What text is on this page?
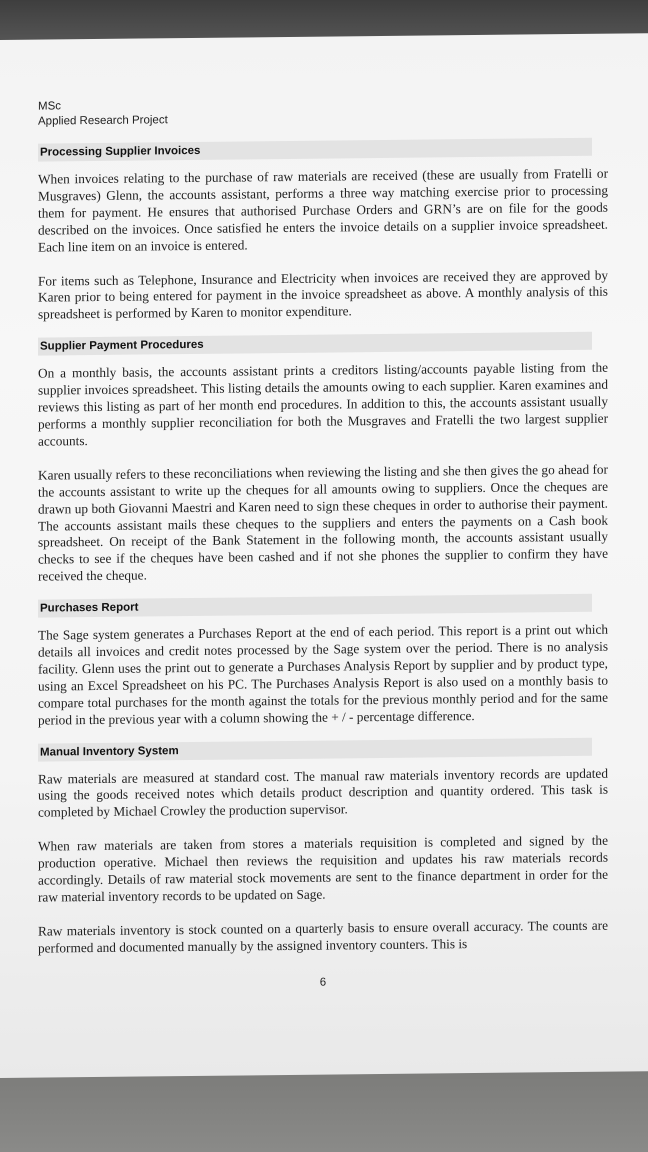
MSc
Applied Research Project
Processing Supplier Invoices

When invoices relating to the purchase of raw materials are received (these are usually from Fratelli or Musgraves) Glenn, the accounts assistant, performs a three way matching exercise prior to processing them for payment. He ensures that authorised Purchase Orders and GRN’s are on file for the goods described on the invoices. Once satisfied he enters the invoice details on a supplier invoice spreadsheet. Each line item on an invoice is entered.

For items such as Telephone, Insurance and Electricity when invoices are received they are approved by Karen prior to being entered for payment in the invoice spreadsheet as above. A monthly analysis of this spreadsheet is performed by Karen to monitor expenditure.

Supplier Payment Procedures

On a monthly basis, the accounts assistant prints a creditors listing/accounts payable listing from the supplier invoices spreadsheet. This listing details the amounts owing to each supplier. Karen examines and reviews this listing as part of her month end procedures. In addition to this, the accounts assistant usually performs a monthly supplier reconciliation for both the Musgraves and Fratelli the two largest supplier accounts.

Karen usually refers to these reconciliations when reviewing the listing and she then gives the go ahead for the accounts assistant to write up the cheques for all amounts owing to suppliers. Once the cheques are drawn up both Giovanni Maestri and Karen need to sign these cheques in order to authorise their payment. The accounts assistant mails these cheques to the suppliers and enters the payments on a Cash book spreadsheet. On receipt of the Bank Statement in the following month, the accounts assistant usually checks to see if the cheques have been cashed and if not she phones the supplier to confirm they have received the cheque.

Purchases Report

The Sage system generates a Purchases Report at the end of each period. This report is a print out which details all invoices and credit notes processed by the Sage system over the period. There is no analysis facility. Glenn uses the print out to generate a Purchases Analysis Report by supplier and by product type, using an Excel Spreadsheet on his PC. The Purchases Analysis Report is also used on a monthly basis to compare total purchases for the month against the totals for the previous monthly period and for the same period in the previous year with a column showing the + / - percentage difference.

Manual Inventory System

Raw materials are measured at standard cost. The manual raw materials inventory records are updated using the goods received notes which details product description and quantity ordered. This task is completed by Michael Crowley the production supervisor.

When raw materials are taken from stores a materials requisition is completed and signed by the production operative. Michael then reviews the requisition and updates his raw materials records accordingly. Details of raw material stock movements are sent to the finance department in order for the raw material inventory records to be updated on Sage.

Raw materials inventory is stock counted on a quarterly basis to ensure overall accuracy. The counts are performed and documented manually by the assigned inventory counters. This is

6
